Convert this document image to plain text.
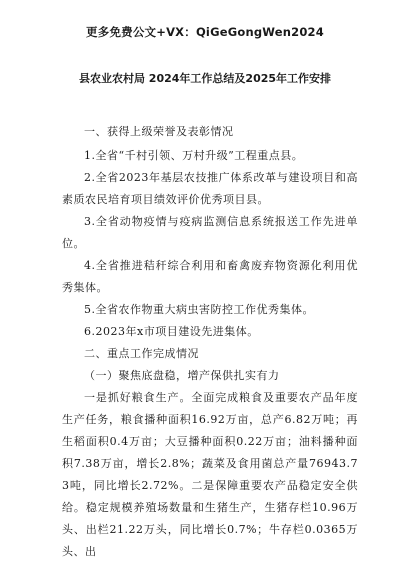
更多免费公文+VX：QiGeGongWen2024
县农业农村局 2024年工作总结及2025年工作安排

一、获得上级荣誉及表彰情况

1.全省“千村引领、万村升级”工程重点县。

2.全省2023年基层农技推广体系改革与建设项目和高素质农民培育项目绩效评价优秀项目县。

3.全省动物疫情与疫病监测信息系统报送工作先进单位。

4.全省推进秸秆综合利用和畜禽废弃物资源化利用优秀集体。

5.全省农作物重大病虫害防控工作优秀集体。

6.2023年x市项目建设先进集体。

二、重点工作完成情况

（一）聚焦底盘稳，增产保供扎实有力

一是抓好粮食生产。全面完成粮食及重要农产品年度生产任务，粮食播种面积16.92万亩，总产6.82万吨；再生稻面积0.4万亩；大豆播种面积0.22万亩；油料播种面积7.38万亩，增长2.8%；蔬菜及食用菌总产量76943.73吨，同比增长2.72%。二是保障重要农产品稳定安全供给。稳定规模养殖场数量和生猪生产，生猪存栏10.96万头、出栏21.22万头，同比增长0.7%；牛存栏0.0365万头、出
